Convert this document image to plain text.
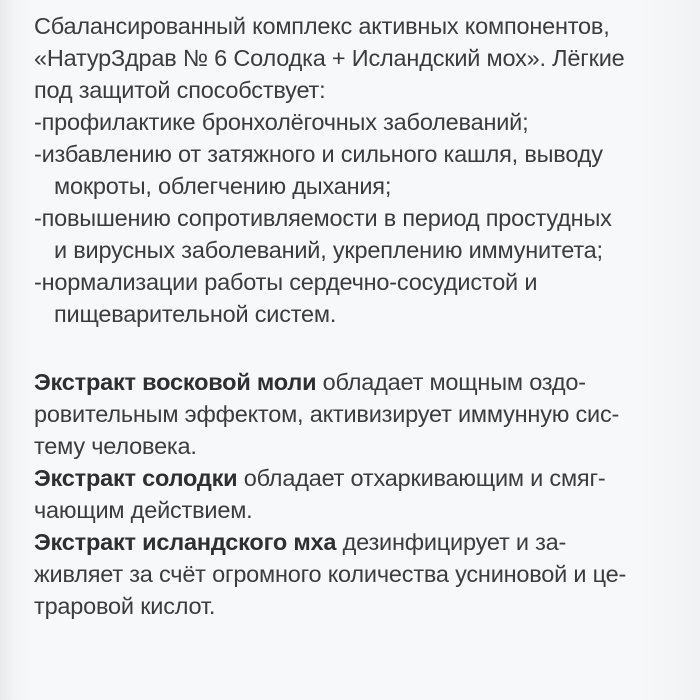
Сбалансированный комплекс активных компонентов,
«НатурЗдрав № 6 Солодка + Исландский мох». Лёгкие
под защитой способствует:
-профилактике бронхолёгочных заболеваний;
-избавлению от затяжного и сильного кашля, выводу
мокроты, облегчению дыхания;
-повышению сопротивляемости в период простудных
и вирусных заболеваний, укреплению иммунитета;
-нормализации работы сердечно-сосудистой и
пищеварительной систем.
Экстракт восковой моли обладает мощным оздо-
ровительным эффектом, активизирует иммунную сис-
тему человека.
Экстракт солодки обладает отхаркивающим и смяг-
чающим действием.
Экстракт исландского мха дезинфицирует и за-
живляет за счёт огромного количества усниновой и це-
траровой кислот.
